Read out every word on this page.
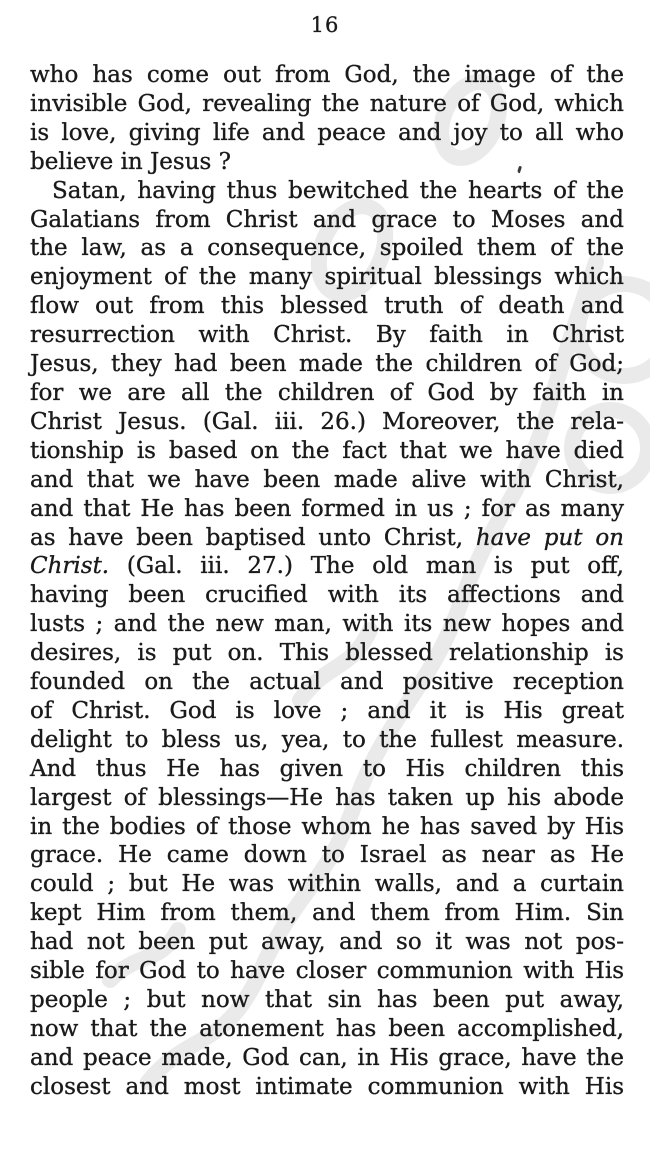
16
who has come out from God, the image of the
invisible God, revealing the nature of God, which
is love, giving life and peace and joy to all who
believe in Jesus ?
Satan, having thus bewitched the hearts of the
Galatians from Christ and grace to Moses and
the law, as a consequence, spoiled them of the
enjoyment of the many spiritual blessings which
flow out from this blessed truth of death and
resurrection with Christ. By faith in Christ
Jesus, they had been made the children of God;
for we are all the children of God by faith in
Christ Jesus. (Gal. iii. 26.) Moreover, the rela-
tionship is based on the fact that we have died
and that we have been made alive with Christ,
and that He has been formed in us ; for as many
as have been baptised unto Christ, have put on
Christ. (Gal. iii. 27.) The old man is put off,
having been crucified with its affections and
lusts ; and the new man, with its new hopes and
desires, is put on. This blessed relationship is
founded on the actual and positive reception
of Christ. God is love ; and it is His great
delight to bless us, yea, to the fullest measure.
And thus He has given to His children this
largest of blessings—He has taken up his abode
in the bodies of those whom he has saved by His
grace. He came down to Israel as near as He
could ; but He was within walls, and a curtain
kept Him from them, and them from Him. Sin
had not been put away, and so it was not pos-
sible for God to have closer communion with His
people ; but now that sin has been put away,
now that the atonement has been accomplished,
and peace made, God can, in His grace, have the
closest and most intimate communion with His
